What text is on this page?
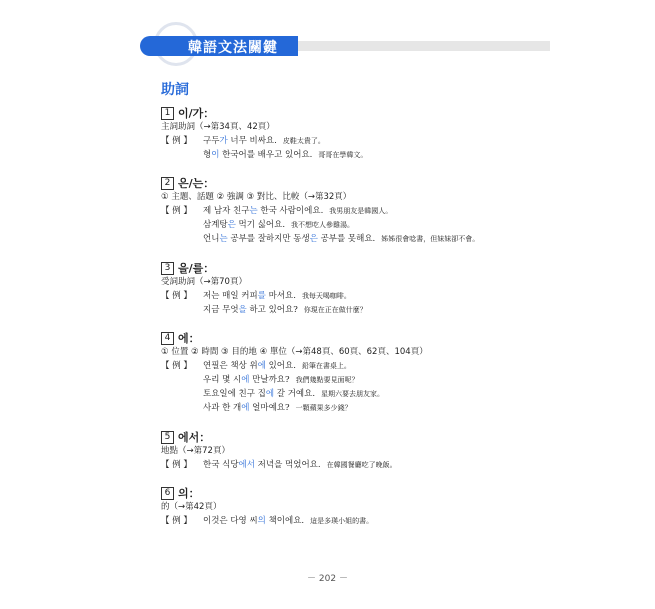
韓語文法關鍵
助詞
1 이/가：
主詞助詞（→第34頁、42頁）
【 例 】	구두가 너무 비싸요. 皮鞋太貴了。
형이 한국어를 배우고 있어요. 哥哥在學韓文。
2 은/는：
① 主題、話題 ② 強調 ③ 對比、比較（→第32頁）
【 例 】	제 남자 친구는 한국 사람이에요. 我男朋友是韓國人。
삼계탕은 먹기 싫어요. 我不想吃人參雞湯。
언니는 공부를 잘하지만 동생은 공부를 못해요. 姊姊很會唸書，但妹妹卻不會。
3 을/를：
受詞助詞（→第70頁）
【 例 】	저는 매일 커피를 마셔요. 我每天喝咖啡。
지금 무엇을 하고 있어요? 你現在正在做什麼？
4 에：
① 位置 ② 時間 ③ 目的地 ④ 單位（→第48頁、60頁、62頁、104頁）
【 例 】	연필은 책상 위에 있어요. 鉛筆在書桌上。
우리 몇 시에 만날까요? 我們幾點要見面呢？
토요일에 친구 집에 갈 거예요. 星期六要去朋友家。
사과 한 개에 얼마예요? 一顆蘋果多少錢？
5 에서：
地點（→第72頁）
【 例 】	한국 식당에서 저녁을 먹었어요. 在韓國餐廳吃了晚飯。
6 의：
的（→第42頁）
【 例 】	이것은 다영 씨의 책이에요. 這是多瑛小姐的書。
－ 202 －
